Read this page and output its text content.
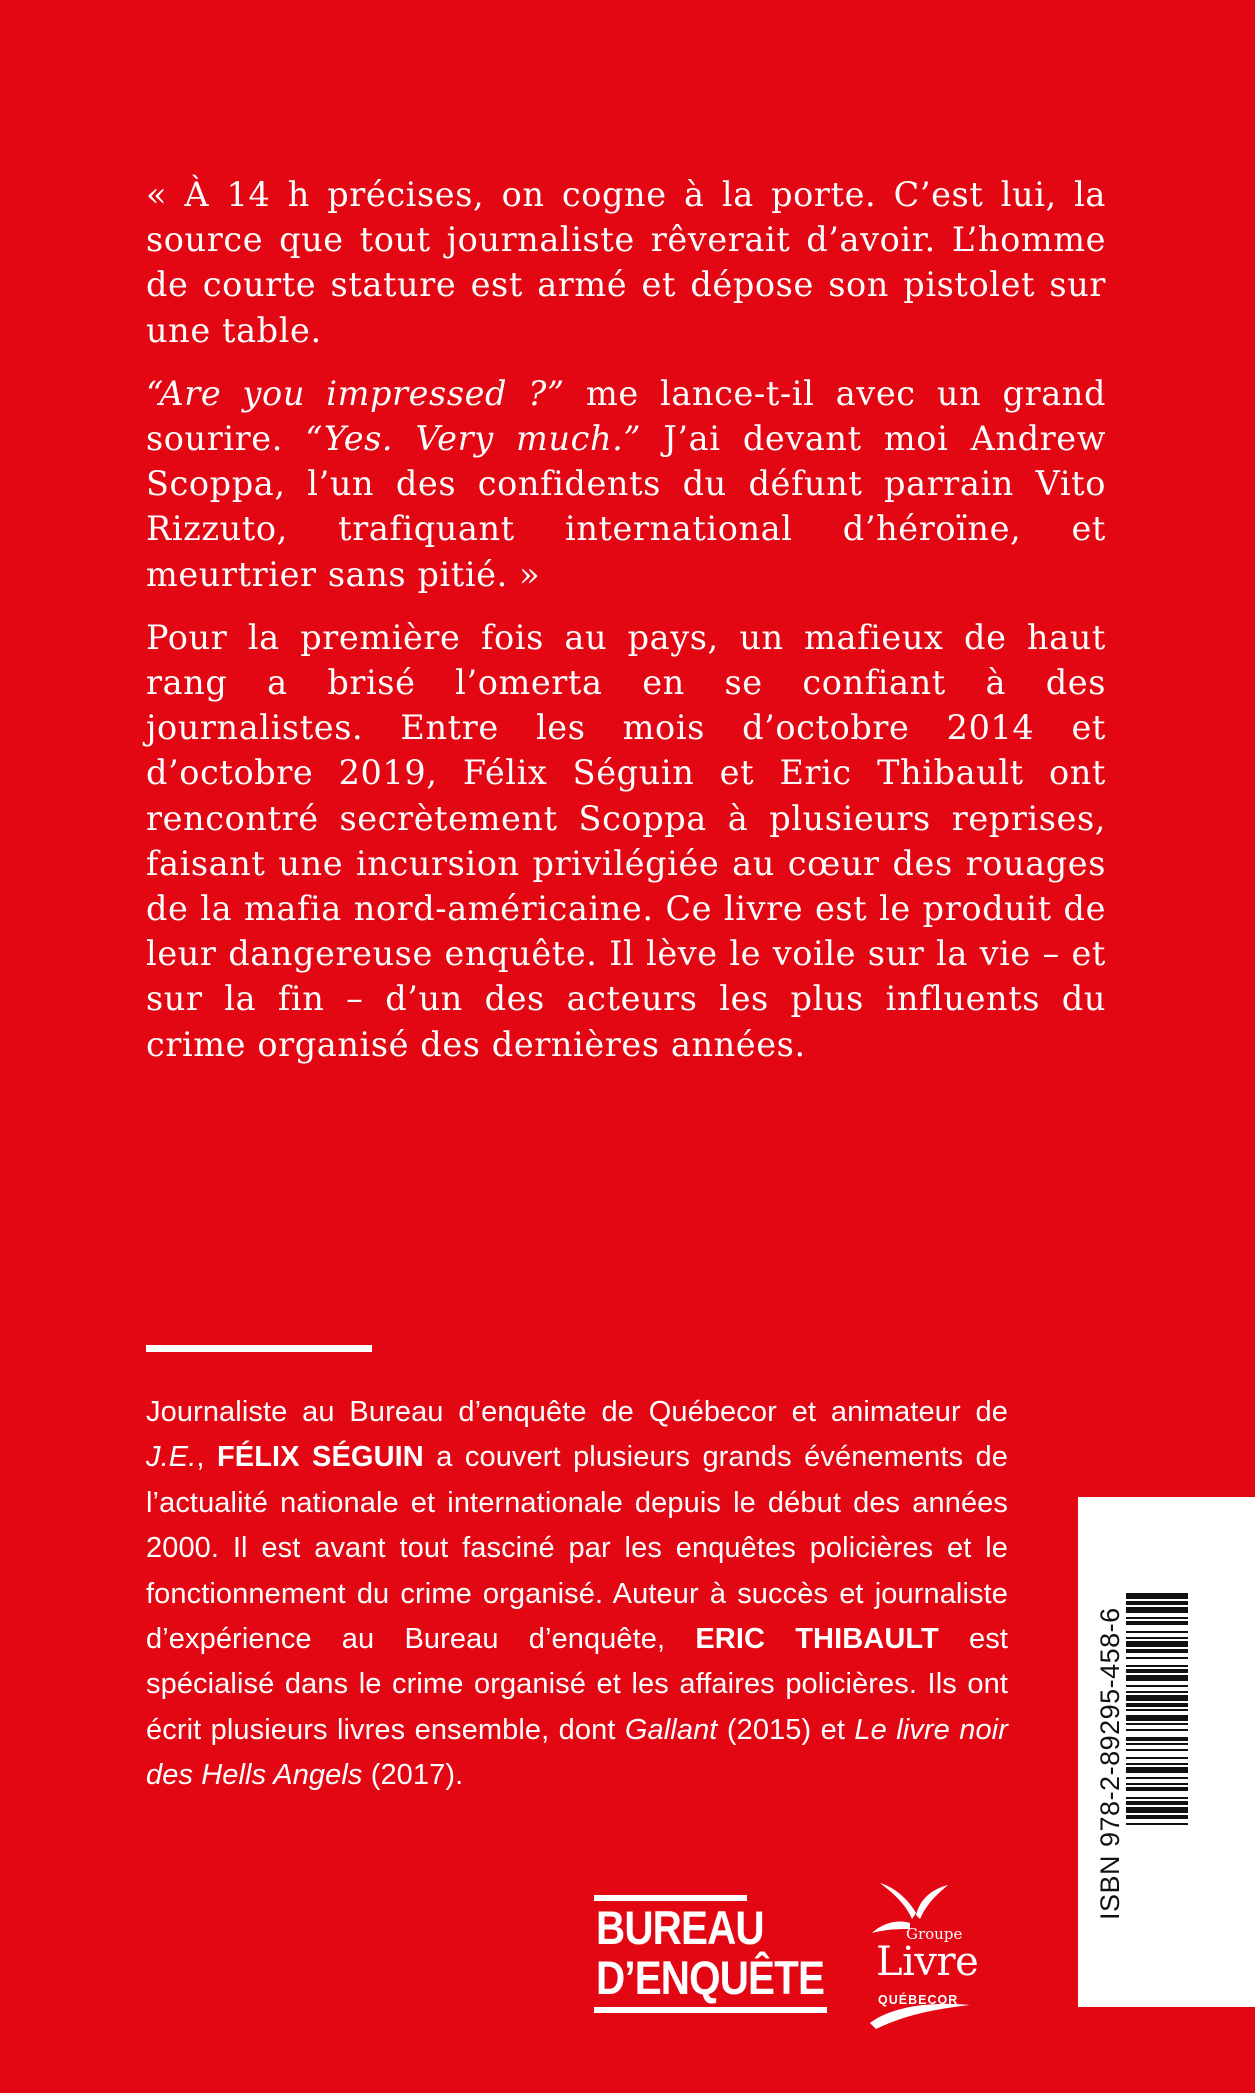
« À 14 h précises, on cogne à la porte. C’est lui, la source que tout journaliste rêverait d’avoir. L’homme de courte stature est armé et dépose son pistolet sur une table.

“Are you impressed ?” me lance-t-il avec un grand sourire. “Yes. Very much.” J’ai devant moi Andrew Scoppa, l’un des confidents du défunt parrain Vito Rizzuto, trafiquant international d’héroïne, et meurtrier sans pitié. »

Pour la première fois au pays, un mafieux de haut rang a brisé l’omerta en se confiant à des journalistes. Entre les mois d’octobre 2014 et d’octobre 2019, Félix Séguin et Eric Thibault ont rencontré secrètement Scoppa à plusieurs reprises, faisant une incursion privilégiée au cœur des rouages de la mafia nord-américaine. Ce livre est le produit de leur dangereuse enquête. Il lève le voile sur la vie – et sur la fin – d’un des acteurs les plus influents du crime organisé des dernières années.

Journaliste au Bureau d’enquête de Québecor et animateur de J.E., FÉLIX SÉGUIN a couvert plusieurs grands événements de l’actualité nationale et internationale depuis le début des années 2000. Il est avant tout fasciné par les enquêtes policières et le fonctionnement du crime organisé. Auteur à succès et journaliste d’expérience au Bureau d’enquête, ERIC THIBAULT est spécialisé dans le crime organisé et les affaires policières. Ils ont écrit plusieurs livres ensemble, dont Gallant (2015) et Le livre noir des Hells Angels (2017).	ISBN 978-2-89295-458-6
BUREAU
D’ENQUÊTE
Groupe
Livre
QUÉBECOR
